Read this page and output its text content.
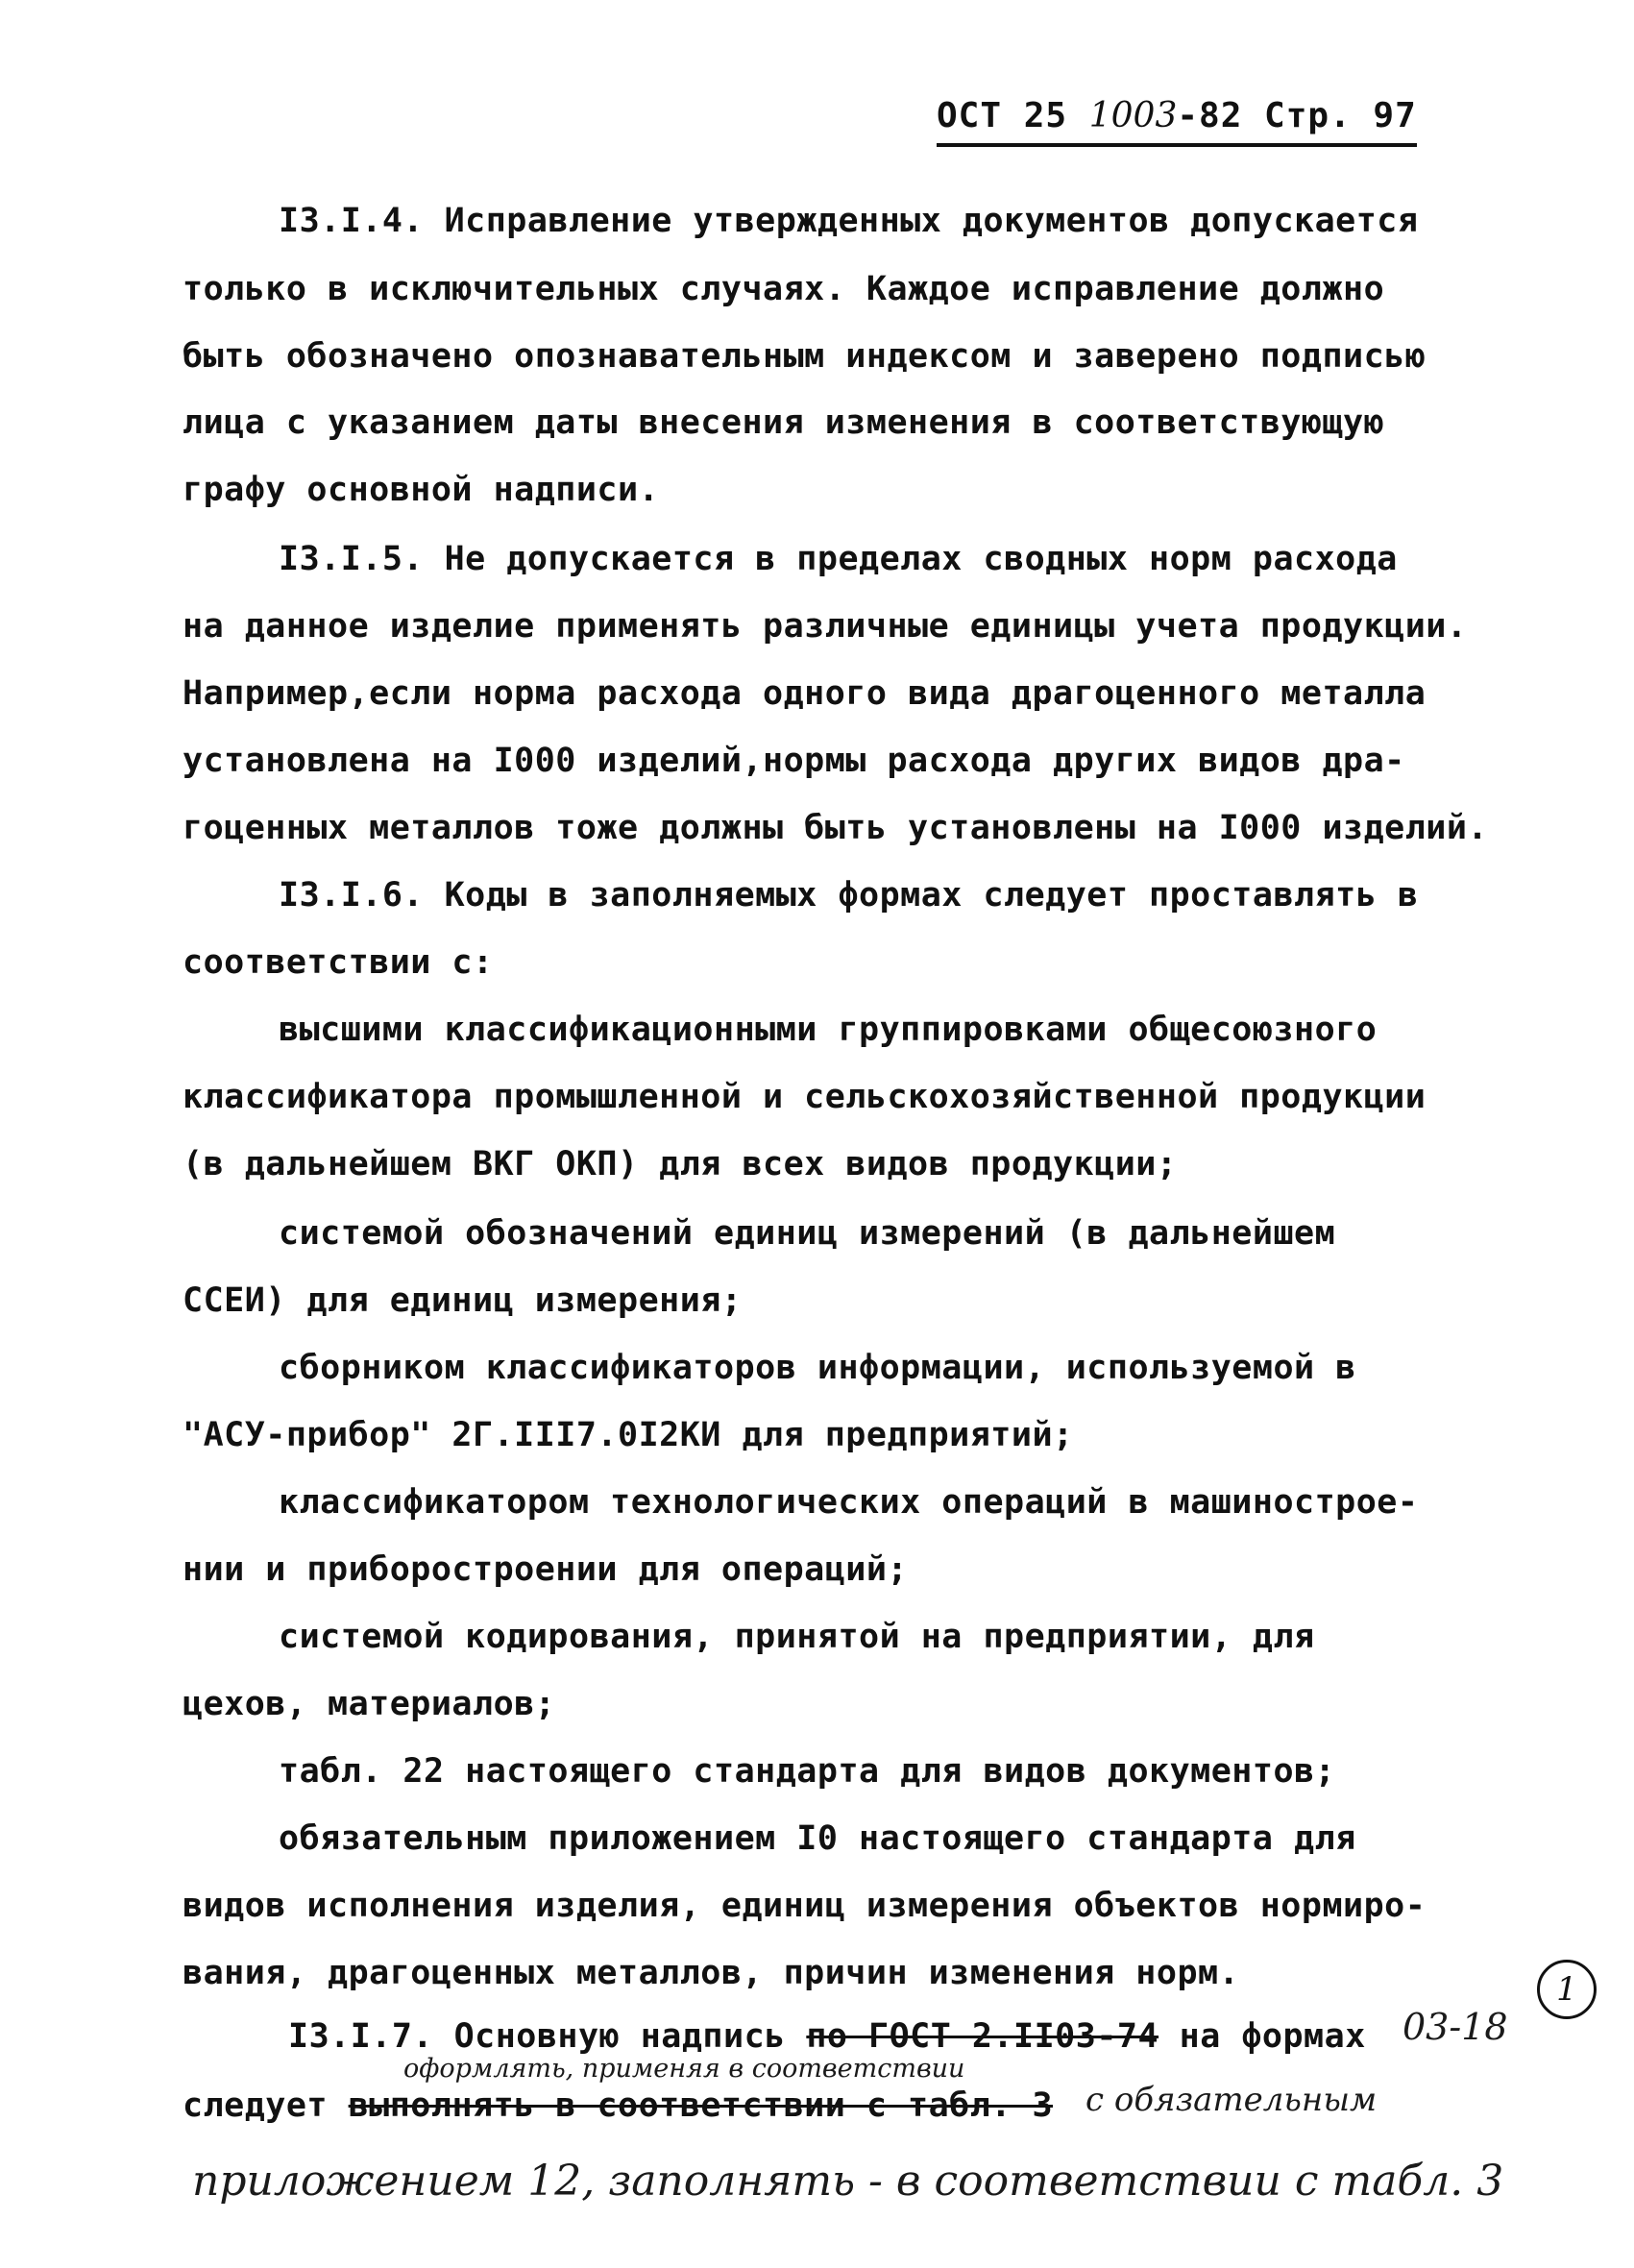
ОСТ 25 1003-82 Стр. 97
I3.I.4. Исправление утвержденных документов допускается
только в исключительных случаях. Каждое исправление должно
быть обозначено опознавательным индексом и заверено подписью
лица с указанием даты внесения изменения в соответствующую
графу основной надписи.
I3.I.5. Не допускается в пределах сводных норм расхода
на данное изделие применять различные единицы учета продукции.
Например,если норма расхода одного вида драгоценного металла
установлена на I000 изделий,нормы расхода других видов дра-
гоценных металлов тоже должны быть установлены на I000 изделий.
I3.I.6. Коды в заполняемых формах следует проставлять в
соответствии с:
высшими классификационными группировками общесоюзного
классификатора промышленной и сельскохозяйственной продукции
(в дальнейшем ВКГ ОКП) для всех видов продукции;
системой обозначений единиц измерений (в дальнейшем
ССЕИ) для единиц измерения;
сборником классификаторов информации, используемой в
"АСУ-прибор" 2Г.III7.0I2КИ для предприятий;
классификатором технологических операций в машинострое-
нии и приборостроении для операций;
системой кодирования, принятой на предприятии, для
цехов, материалов;
табл. 22 настоящего стандарта для видов документов;
обязательным приложением I0 настоящего стандарта для
видов исполнения изделия, единиц измерения объектов нормиро-
вания, драгоценных металлов, причин изменения норм.
I3.I.7. Основную надпись по ГОСТ 2.II03-74 на формах 03-18
оформлять, применяя в соответствии
следует выполнять в соответствии с табл. 3 с обязательным
1
приложением 12, заполнять - в соответствии с табл. 3
